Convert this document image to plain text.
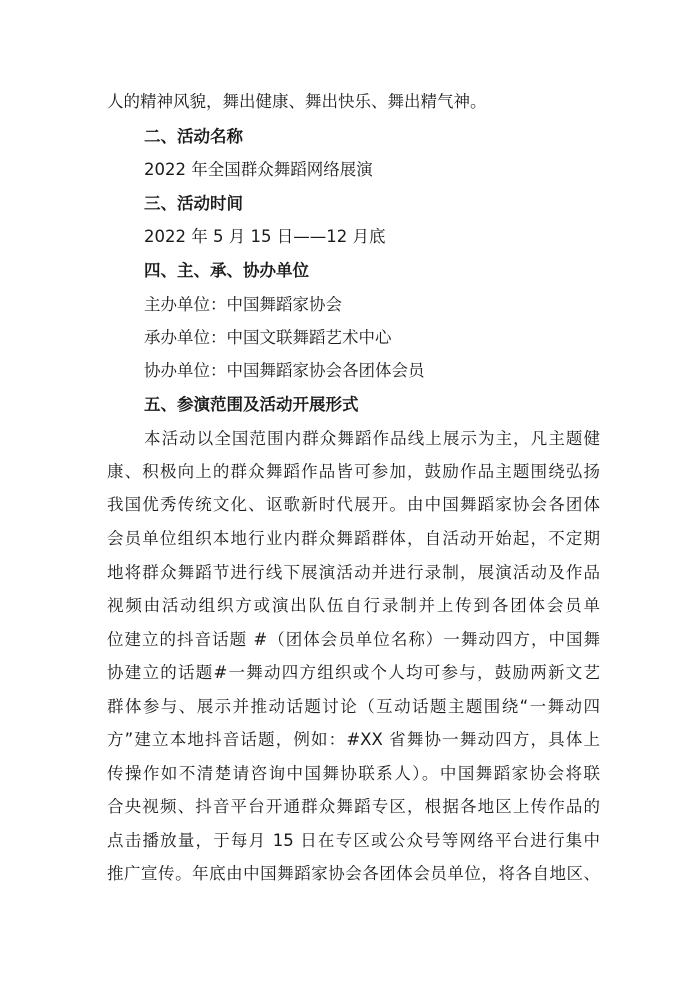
人的精神风貌，舞出健康、舞出快乐、舞出精气神。
二、活动名称
2022 年全国群众舞蹈网络展演
三、活动时间
2022 年 5 月 15 日——12 月底
四、主、承、协办单位
主办单位：中国舞蹈家协会
承办单位：中国文联舞蹈艺术中心
协办单位：中国舞蹈家协会各团体会员
五、参演范围及活动开展形式
本活动以全国范围内群众舞蹈作品线上展示为主，凡主题健
康、积极向上的群众舞蹈作品皆可参加，鼓励作品主题围绕弘扬
我国优秀传统文化、讴歌新时代展开。由中国舞蹈家协会各团体
会员单位组织本地行业内群众舞蹈群体，自活动开始起，不定期
地将群众舞蹈节进行线下展演活动并进行录制，展演活动及作品
视频由活动组织方或演出队伍自行录制并上传到各团体会员单
位建立的抖音话题 #（团体会员单位名称）一舞动四方，中国舞
协建立的话题#一舞动四方组织或个人均可参与，鼓励两新文艺
群体参与、展示并推动话题讨论（互动话题主题围绕“一舞动四
方”建立本地抖音话题，例如：#XX 省舞协一舞动四方，具体上
传操作如不清楚请咨询中国舞协联系人）。中国舞蹈家协会将联
合央视频、抖音平台开通群众舞蹈专区，根据各地区上传作品的
点击播放量，于每月 15 日在专区或公众号等网络平台进行集中
推广宣传。年底由中国舞蹈家协会各团体会员单位，将各自地区、
